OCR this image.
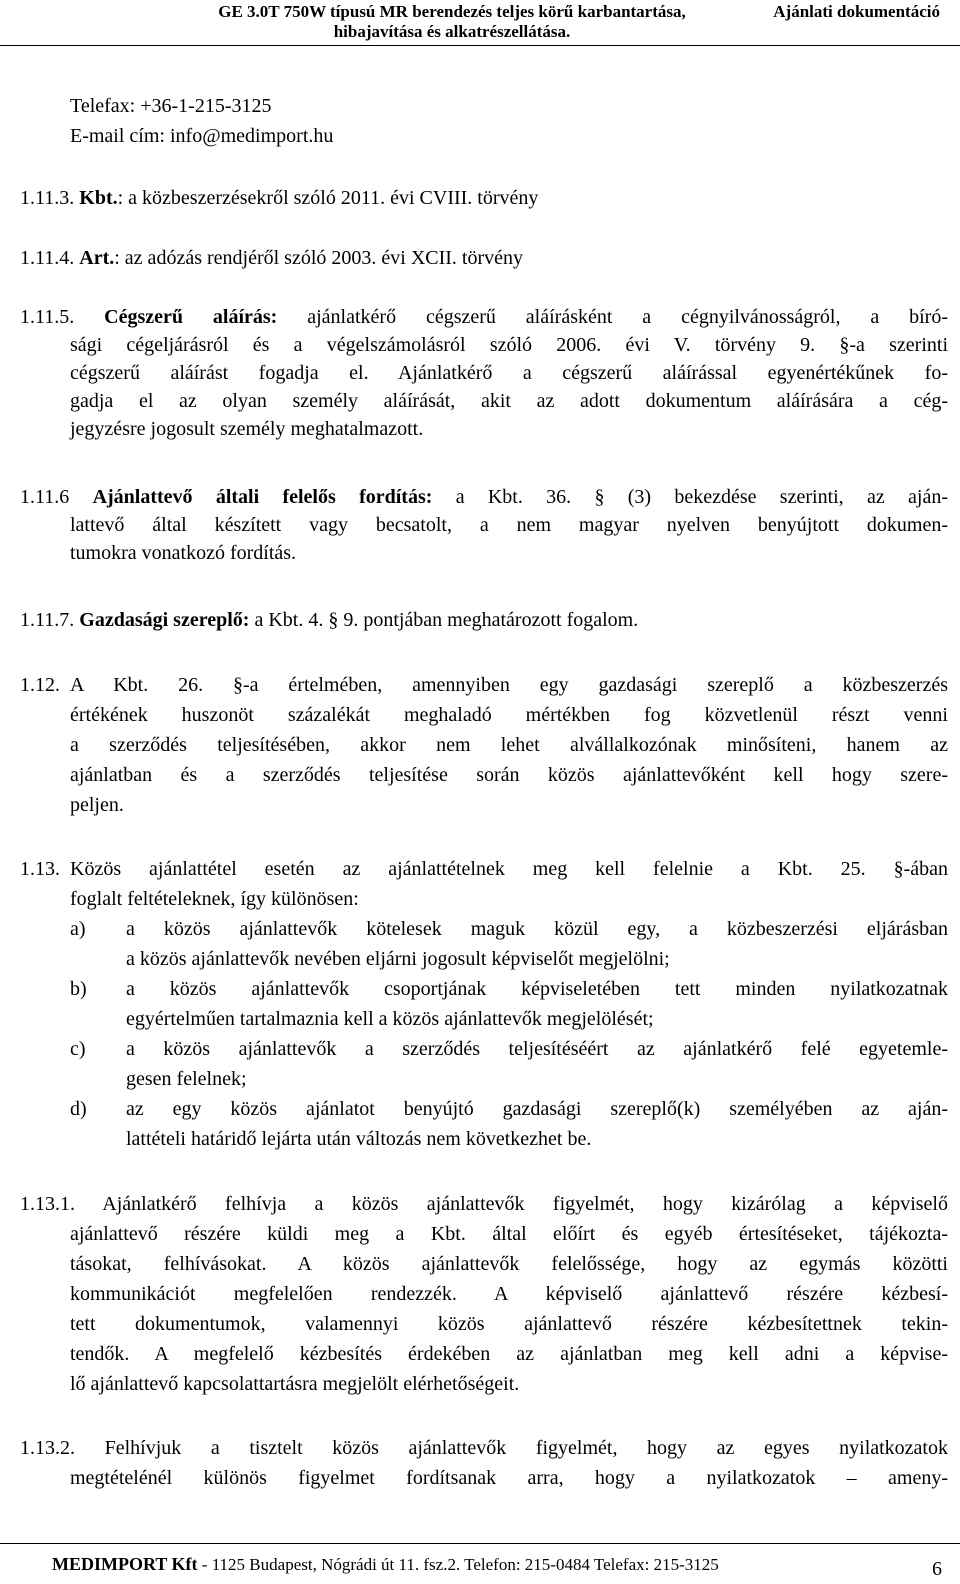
GE 3.0T 750W típusú MR berendezés teljes körű karbantartása,
hibajavítása és alkatrészellátása.
Ajánlati dokumentáció
Telefax: +36-1-215-3125
E-mail cím: info@medimport.hu
1.11.3. Kbt.: a közbeszerzésekről szóló 2011. évi CVIII. törvény
1.11.4. Art.: az adózás rendjéről szóló 2003. évi XCII. törvény
1.11.5. Cégszerű aláírás: ajánlatkérő cégszerű aláírásként a cégnyilvánosságról, a bíró-
sági cégeljárásról és a végelszámolásról szóló 2006. évi V. törvény 9. §-a szerinti
cégszerű aláírást fogadja el. Ajánlatkérő a cégszerű aláírással egyenértékűnek fo-
gadja el az olyan személy aláírását, akit az adott dokumentum aláírására a cég-
jegyzésre jogosult személy meghatalmazott.
1.11.6 Ajánlattevő általi felelős fordítás: a Kbt. 36. § (3) bekezdése szerinti, az aján-
lattevő által készített vagy becsatolt, a nem magyar nyelven benyújtott dokumen-
tumokra vonatkozó fordítás.
1.11.7. Gazdasági szereplő: a Kbt. 4. § 9. pontjában meghatározott fogalom.
1.12. A Kbt. 26. §-a értelmében, amennyiben egy gazdasági szereplő a közbeszerzés
értékének huszonöt százalékát meghaladó mértékben fog közvetlenül részt venni
a szerződés teljesítésében, akkor nem lehet alvállalkozónak minősíteni, hanem az
ajánlatban és a szerződés teljesítése során közös ajánlattevőként kell hogy szere-
peljen.
1.13. Közös ajánlattétel esetén az ajánlattételnek meg kell felelnie a Kbt. 25. §-ában
foglalt feltételeknek, így különösen:
a) a közös ajánlattevők kötelesek maguk közül egy, a közbeszerzési eljárásban
a közös ajánlattevők nevében eljárni jogosult képviselőt megjelölni;
b) a közös ajánlattevők csoportjának képviseletében tett minden nyilatkozatnak
egyértelműen tartalmaznia kell a közös ajánlattevők megjelölését;
c) a közös ajánlattevők a szerződés teljesítéséért az ajánlatkérő felé egyetemle-
gesen felelnek;
d) az egy közös ajánlatot benyújtó gazdasági szereplő(k) személyében az aján-
lattételi határidő lejárta után változás nem következhet be.
1.13.1. Ajánlatkérő felhívja a közös ajánlattevők figyelmét, hogy kizárólag a képviselő
ajánlattevő részére küldi meg a Kbt. által előírt és egyéb értesítéseket, tájékozta-
tásokat, felhívásokat. A közös ajánlattevők felelőssége, hogy az egymás közötti
kommunikációt megfelelően rendezzék. A képviselő ajánlattevő részére kézbesí-
tett dokumentumok, valamennyi közös ajánlattevő részére kézbesítettnek tekin-
tendők. A megfelelő kézbesítés érdekében az ajánlatban meg kell adni a képvise-
lő ajánlattevő kapcsolattartásra megjelölt elérhetőségeit.
1.13.2. Felhívjuk a tisztelt közös ajánlattevők figyelmét, hogy az egyes nyilatkozatok
megtételénél különös figyelmet fordítsanak arra, hogy a nyilatkozatok – ameny-
MEDIMPORT Kft - 1125 Budapest, Nógrádi út 11. fsz.2. Telefon: 215-0484 Telefax: 215-3125	6
